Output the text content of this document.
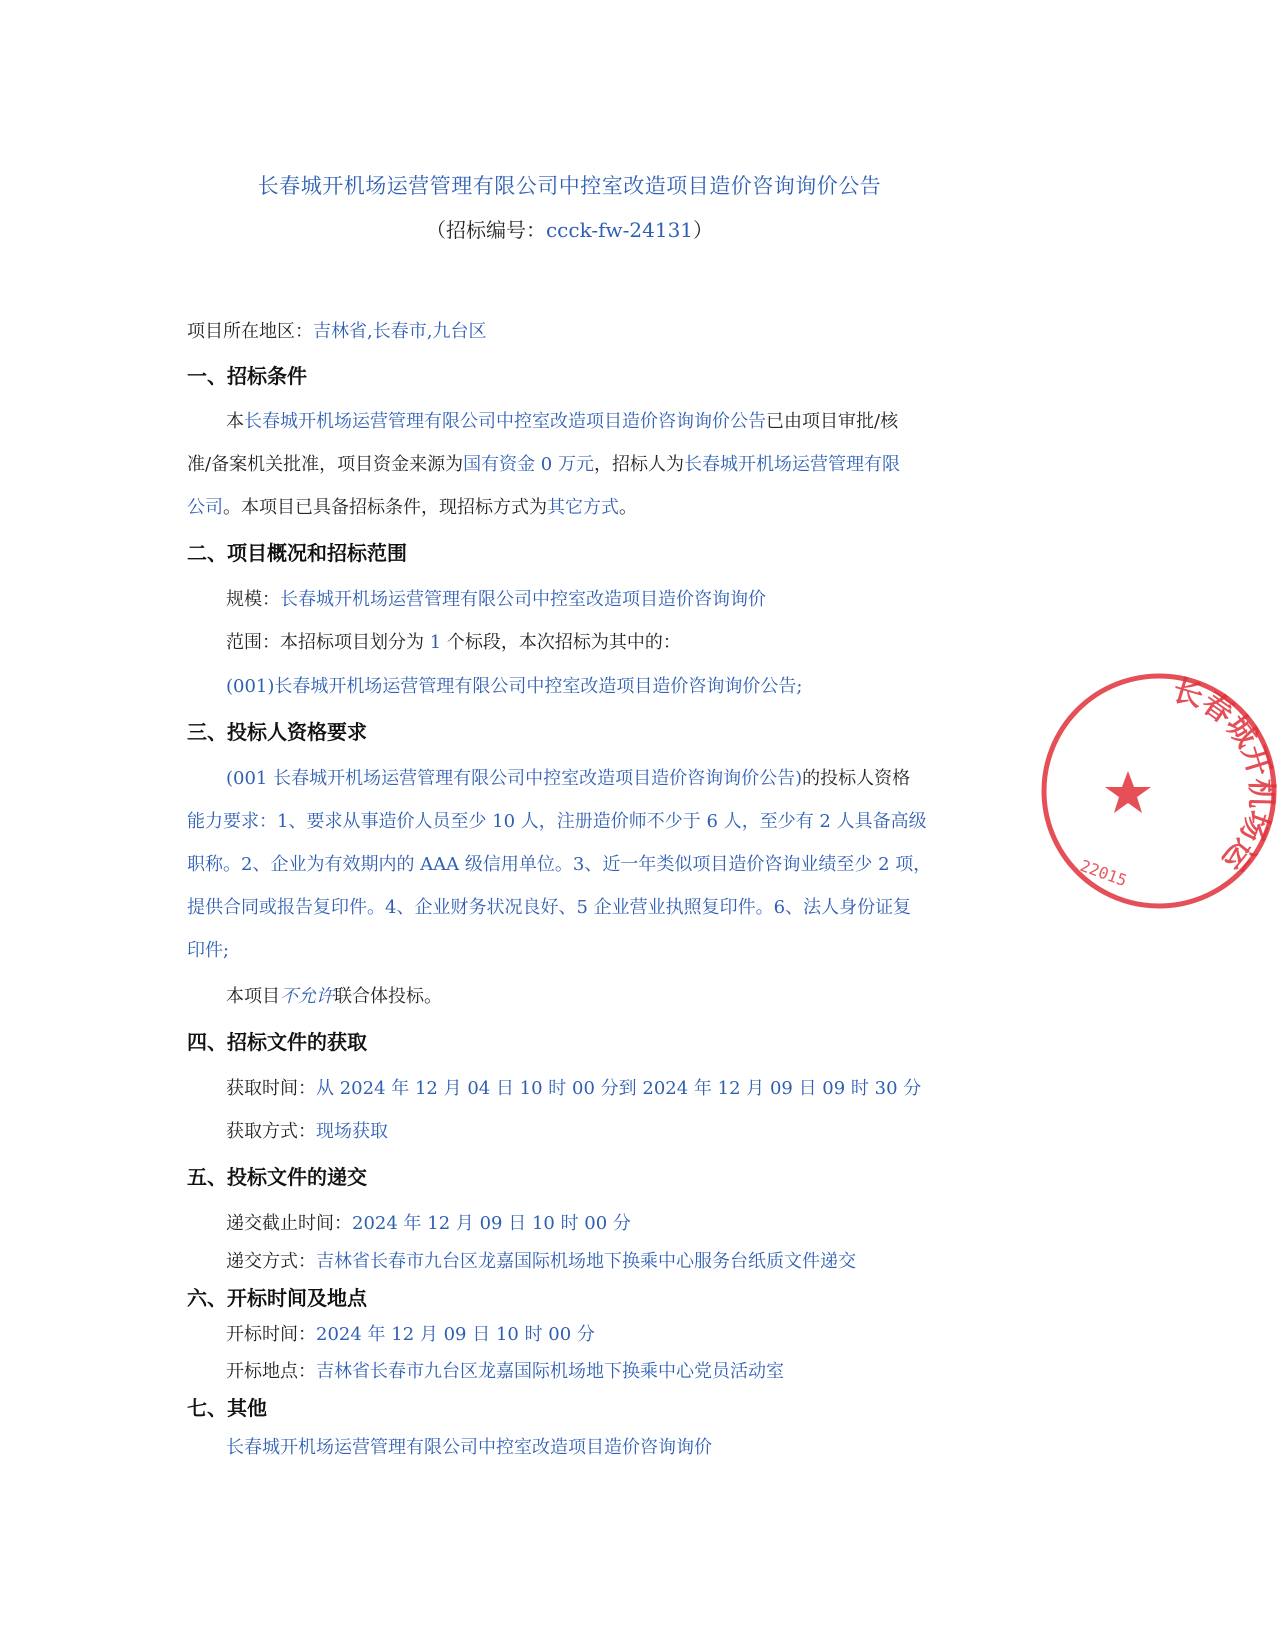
长春城开机场运营管理有限公司中控室改造项目造价咨询询价公告
（招标编号：ccck-fw-24131）
项目所在地区：吉林省,长春市,九台区
一、招标条件
本长春城开机场运营管理有限公司中控室改造项目造价咨询询价公告已由项目审批/核
准/备案机关批准，项目资金来源为国有资金 0 万元，招标人为长春城开机场运营管理有限
公司。本项目已具备招标条件，现招标方式为其它方式。
二、项目概况和招标范围
规模：长春城开机场运营管理有限公司中控室改造项目造价咨询询价
范围：本招标项目划分为 1 个标段，本次招标为其中的：
(001)长春城开机场运营管理有限公司中控室改造项目造价咨询询价公告;
三、投标人资格要求
(001 长春城开机场运营管理有限公司中控室改造项目造价咨询询价公告)的投标人资格
能力要求：1、要求从事造价人员至少 10 人，注册造价师不少于 6 人，至少有 2 人具备高级
职称。2、企业为有效期内的 AAA 级信用单位。3、近一年类似项目造价咨询业绩至少 2 项，
提供合同或报告复印件。4、企业财务状况良好、5 企业营业执照复印件。6、法人身份证复
印件;
本项目不允许联合体投标。
四、招标文件的获取
获取时间：从 2024 年 12 月 04 日 10 时 00 分到 2024 年 12 月 09 日 09 时 30 分
获取方式：现场获取
五、投标文件的递交
递交截止时间：2024 年 12 月 09 日 10 时 00 分
递交方式：吉林省长春市九台区龙嘉国际机场地下换乘中心服务台纸质文件递交
六、开标时间及地点
开标时间：2024 年 12 月 09 日 10 时 00 分
开标地点：吉林省长春市九台区龙嘉国际机场地下换乘中心党员活动室
七、其他
长春城开机场运营管理有限公司中控室改造项目造价咨询询价
长春城开机场运
22015
